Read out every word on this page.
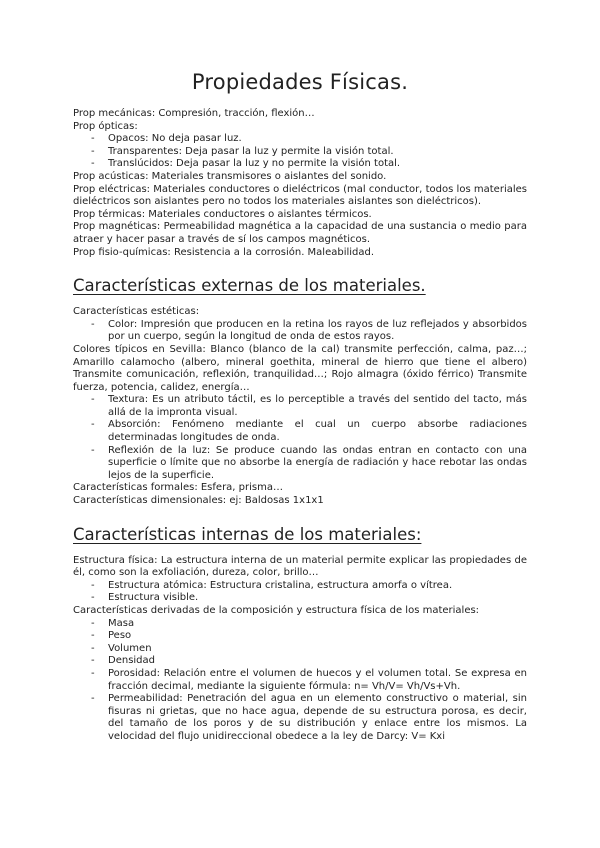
Propiedades Físicas.

Prop mecánicas: Compresión, tracción, flexión…

Prop ópticas:

- Opacos: No deja pasar luz.
- Transparentes: Deja pasar la luz y permite la visión total.
- Translúcidos: Deja pasar la luz y no permite la visión total.

Prop acústicas: Materiales transmisores o aislantes del sonido.

Prop eléctricas: Materiales conductores o dieléctricos (mal conductor, todos los materiales dieléctricos son aislantes pero no todos los materiales aislantes son dieléctricos).

Prop térmicas: Materiales conductores o aislantes térmicos.

Prop magnéticas: Permeabilidad magnética a la capacidad de una sustancia o medio para atraer y hacer pasar a través de sí los campos magnéticos.

Prop fisio-químicas: Resistencia a la corrosión. Maleabilidad.

Características externas de los materiales.

Características estéticas:

- Color: Impresión que producen en la retina los rayos de luz reflejados y absorbidos por un cuerpo, según la longitud de onda de estos rayos.

Colores típicos en Sevilla: Blanco (blanco de la cal) transmite perfección, calma, paz…; Amarillo calamocho (albero, mineral goethita, mineral de hierro que tiene el albero) Transmite comunicación, reflexión, tranquilidad…; Rojo almagra (óxido férrico) Transmite fuerza, potencia, calidez, energía…

- Textura: Es un atributo táctil, es lo perceptible a través del sentido del tacto, más allá de la impronta visual.
- Absorción: Fenómeno mediante el cual un cuerpo absorbe radiaciones determinadas longitudes de onda.
- Reflexión de la luz: Se produce cuando las ondas entran en contacto con una superficie o límite que no absorbe la energía de radiación y hace rebotar las ondas lejos de la superficie.

Características formales: Esfera, prisma…

Características dimensionales: ej: Baldosas 1x1x1

Características internas de los materiales:

Estructura física: La estructura interna de un material permite explicar las propiedades de él, como son la exfoliación, dureza, color, brillo…

- Estructura atómica: Estructura cristalina, estructura amorfa o vítrea.
- Estructura visible.

Características derivadas de la composición y estructura física de los materiales:

- Masa
- Peso
- Volumen
- Densidad
- Porosidad: Relación entre el volumen de huecos y el volumen total. Se expresa en fracción decimal, mediante la siguiente fórmula: n= Vh/V= Vh/Vs+Vh.
- Permeabilidad: Penetración del agua en un elemento constructivo o material, sin fisuras ni grietas, que no hace agua, depende de su estructura porosa, es decir, del tamaño de los poros y de su distribución y enlace entre los mismos. La velocidad del flujo unidireccional obedece a la ley de Darcy: V= Kxi
